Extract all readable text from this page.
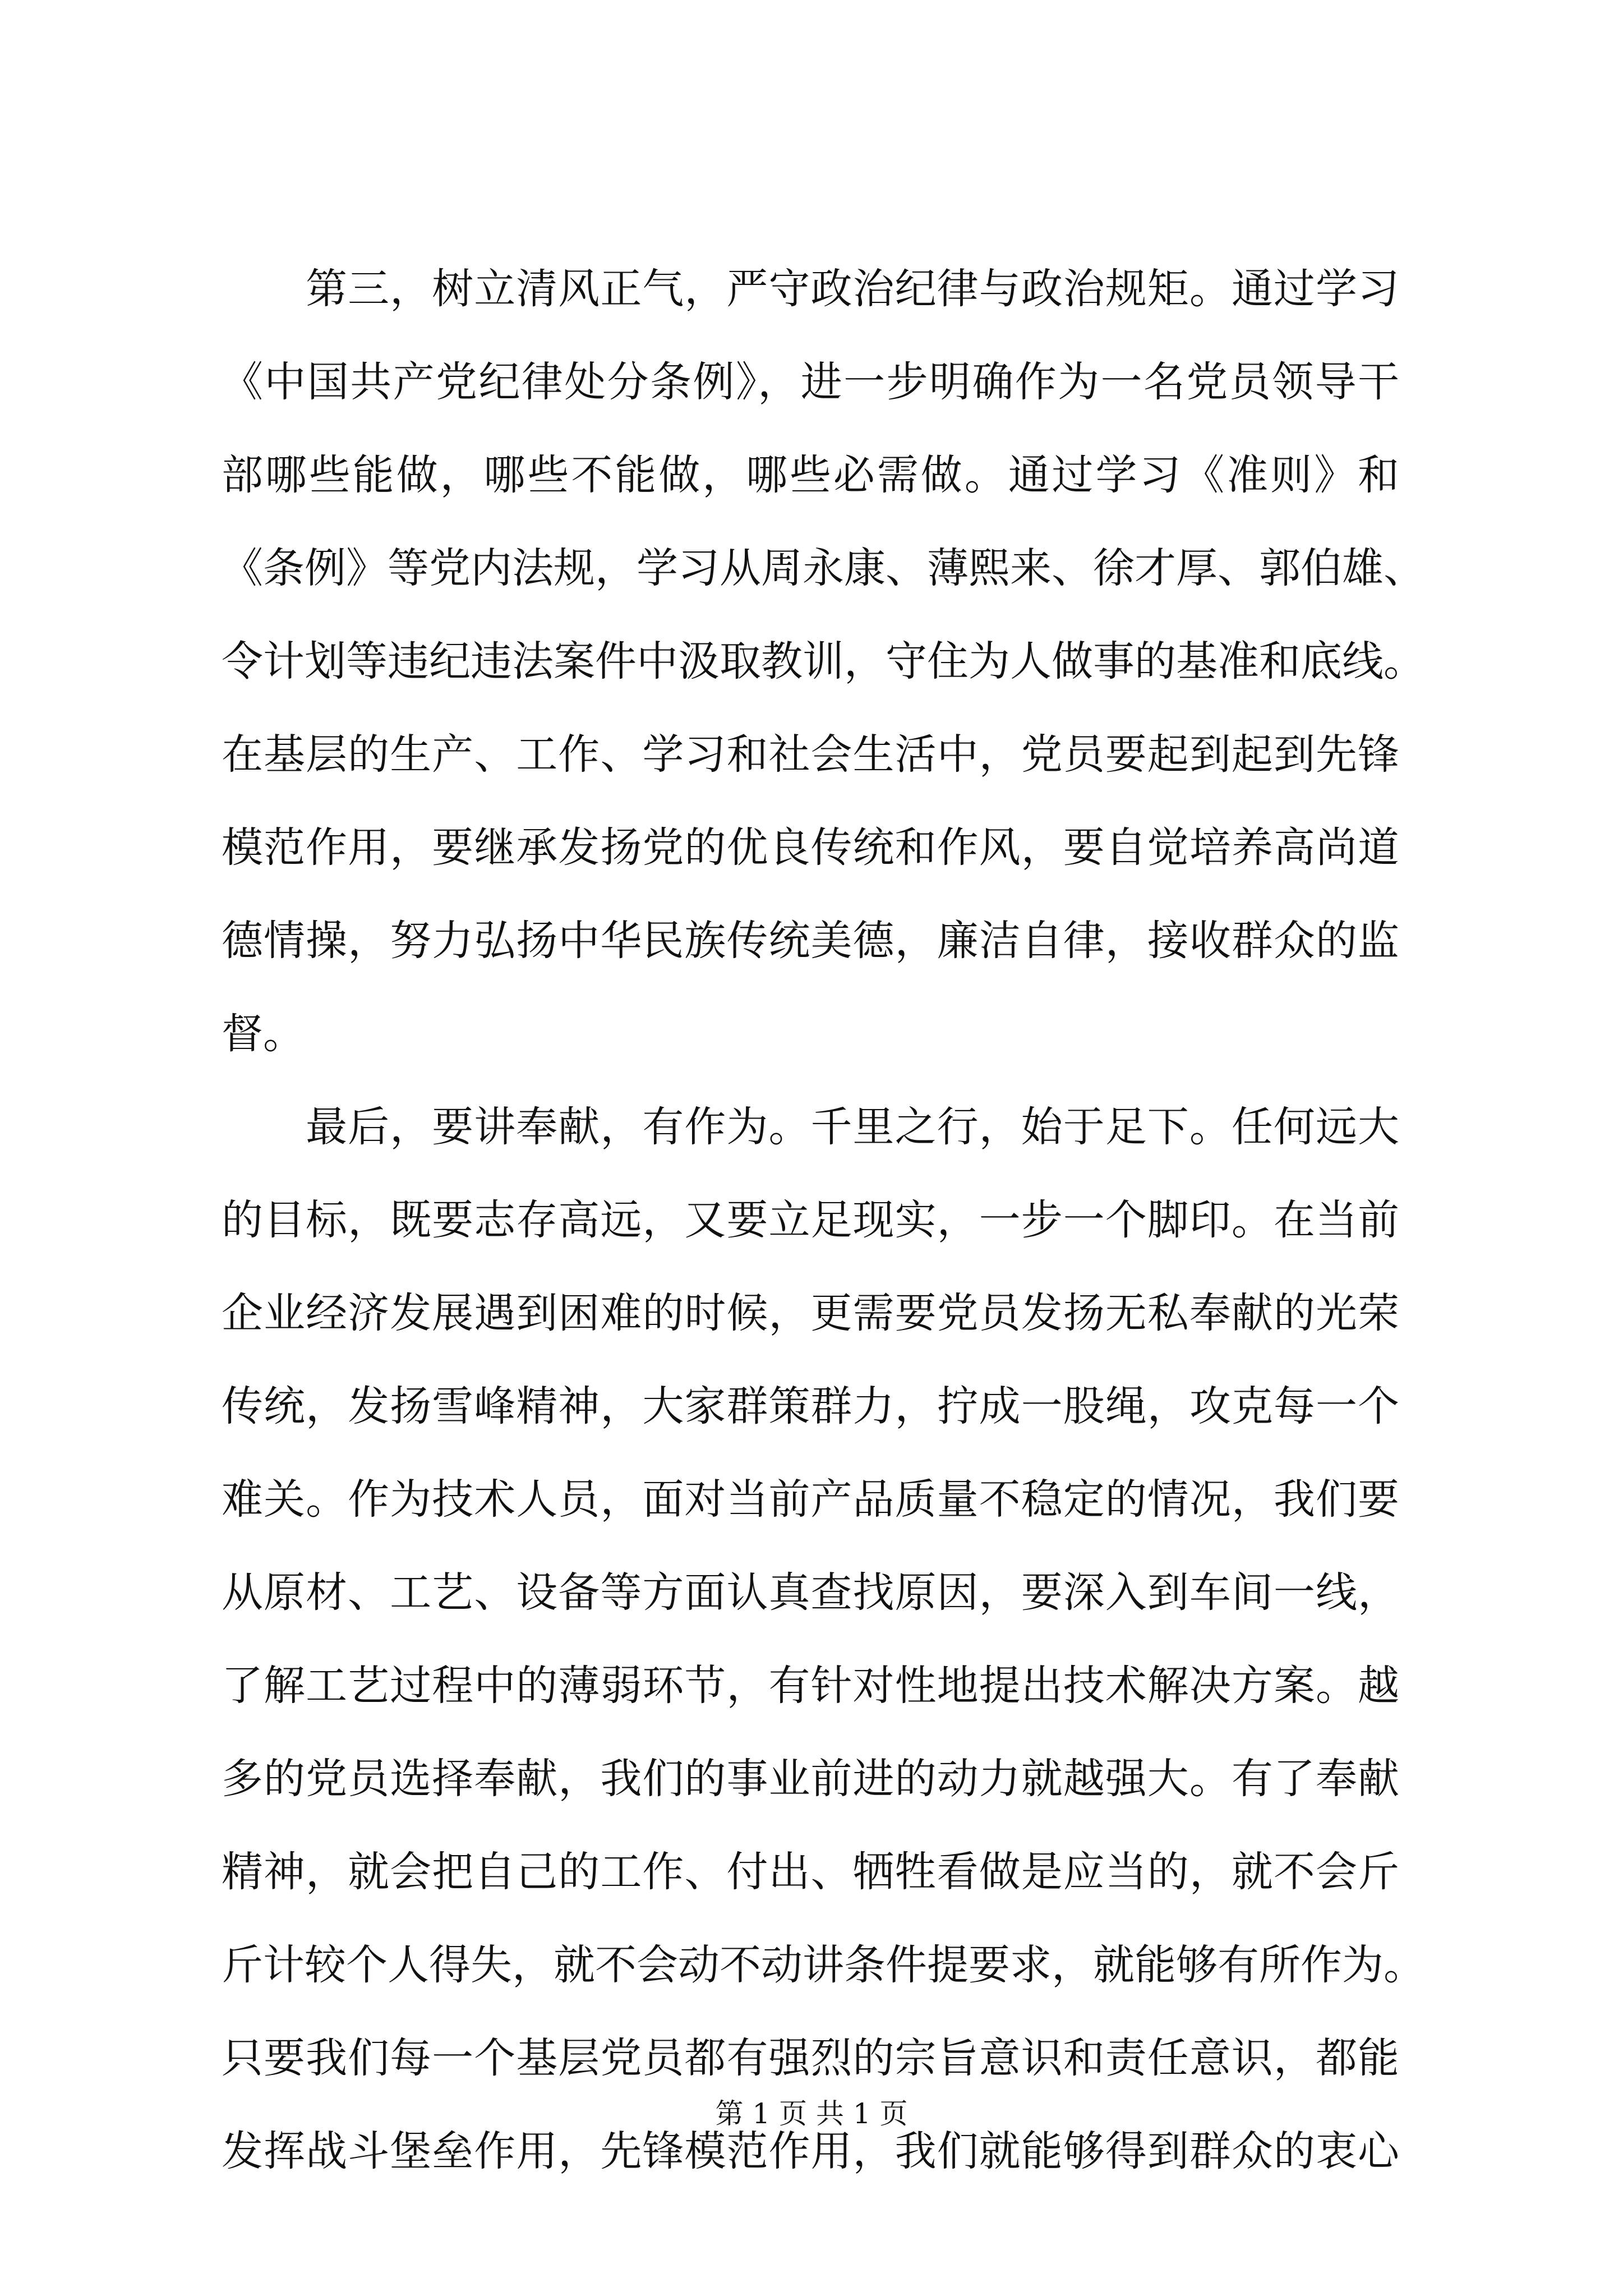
　　第三，树立清风正气，严守政治纪律与政治规矩。通过学习
《中国共产党纪律处分条例》，进一步明确作为一名党员领导干
部哪些能做，哪些不能做，哪些必需做。通过学习《准则》和
《条例》等党内法规，学习从周永康、薄熙来、徐才厚、郭伯雄、
令计划等违纪违法案件中汲取教训，守住为人做事的基准和底线。
在基层的生产、工作、学习和社会生活中，党员要起到起到先锋
模范作用，要继承发扬党的优良传统和作风，要自觉培养高尚道
德情操，努力弘扬中华民族传统美德，廉洁自律，接收群众的监
督。
　　最后，要讲奉献，有作为。千里之行，始于足下。任何远大
的目标，既要志存高远，又要立足现实，一步一个脚印。在当前
企业经济发展遇到困难的时候，更需要党员发扬无私奉献的光荣
传统，发扬雪峰精神，大家群策群力，拧成一股绳，攻克每一个
难关。作为技术人员，面对当前产品质量不稳定的情况，我们要
从原材、工艺、设备等方面认真查找原因，要深入到车间一线，
了解工艺过程中的薄弱环节，有针对性地提出技术解决方案。越
多的党员选择奉献，我们的事业前进的动力就越强大。有了奉献
精神，就会把自己的工作、付出、牺牲看做是应当的，就不会斤
斤计较个人得失，就不会动不动讲条件提要求，就能够有所作为。
只要我们每一个基层党员都有强烈的宗旨意识和责任意识，都能
发挥战斗堡垒作用，先锋模范作用，我们就能够得到群众的衷心
第 1 页 共 1 页
